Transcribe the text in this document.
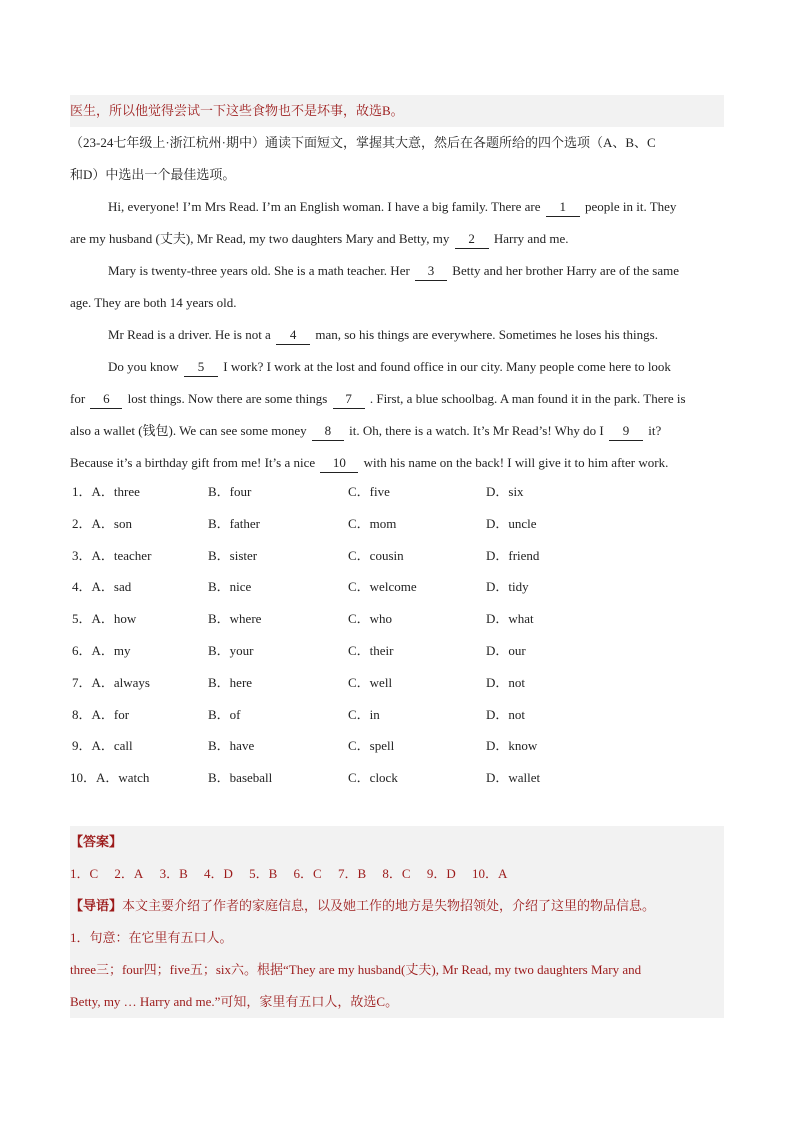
医生，所以他觉得尝试一下这些食物也不是坏事，故选B。
（23-24七年级上·浙江杭州·期中）通读下面短文，掌握其大意，然后在各题所给的四个选项（A、B、C
和D）中选出一个最佳选项。
Hi, everyone! I’m Mrs Read. I’m an English woman. I have a big family. There are 1 people in it. They
are my husband (丈夫), Mr Read, my two daughters Mary and Betty, my 2 Harry and me.
Mary is twenty-three years old. She is a math teacher. Her 3 Betty and her brother Harry are of the same
age. They are both 14 years old.
Mr Read is a driver. He is not a 4 man, so his things are everywhere. Sometimes he loses his things.
Do you know 5 I work? I work at the lost and found office in our city. Many people come here to look
for 6 lost things. Now there are some things 7 . First, a blue schoolbag. A man found it in the park. There is
also a wallet (钱包). We can see some money 8 it. Oh, there is a watch. It’s Mr Read’s! Why do I 9 it?
Because it’s a birthday gift from me! It’s a nice 10 with his name on the back! I will give it to him after work.
1．A．three	B．four	C．five	D．six
2．A．son	B．father	C．mom	D．uncle
3．A．teacher	B．sister	C．cousin	D．friend
4．A．sad	B．nice	C．welcome	D．tidy
5．A．how	B．where	C．who	D．what
6．A．my	B．your	C．their	D．our
7．A．always	B．here	C．well	D．not
8．A．for	B．of	C．in	D．not
9．A．call	B．have	C．spell	D．know
10．A．watch	B．baseball	C．clock	D．wallet
【答案】
1．C 2．A 3．B 4．D 5．B 6．C 7．B 8．C 9．D 10．A
【导语】本文主要介绍了作者的家庭信息，以及她工作的地方是失物招领处，介绍了这里的物品信息。
1．句意：在它里有五口人。
three三；four四；five五；six六。根据“They are my husband(丈夫), Mr Read, my two daughters Mary and
Betty, my … Harry and me.”可知，家里有五口人，故选C。
